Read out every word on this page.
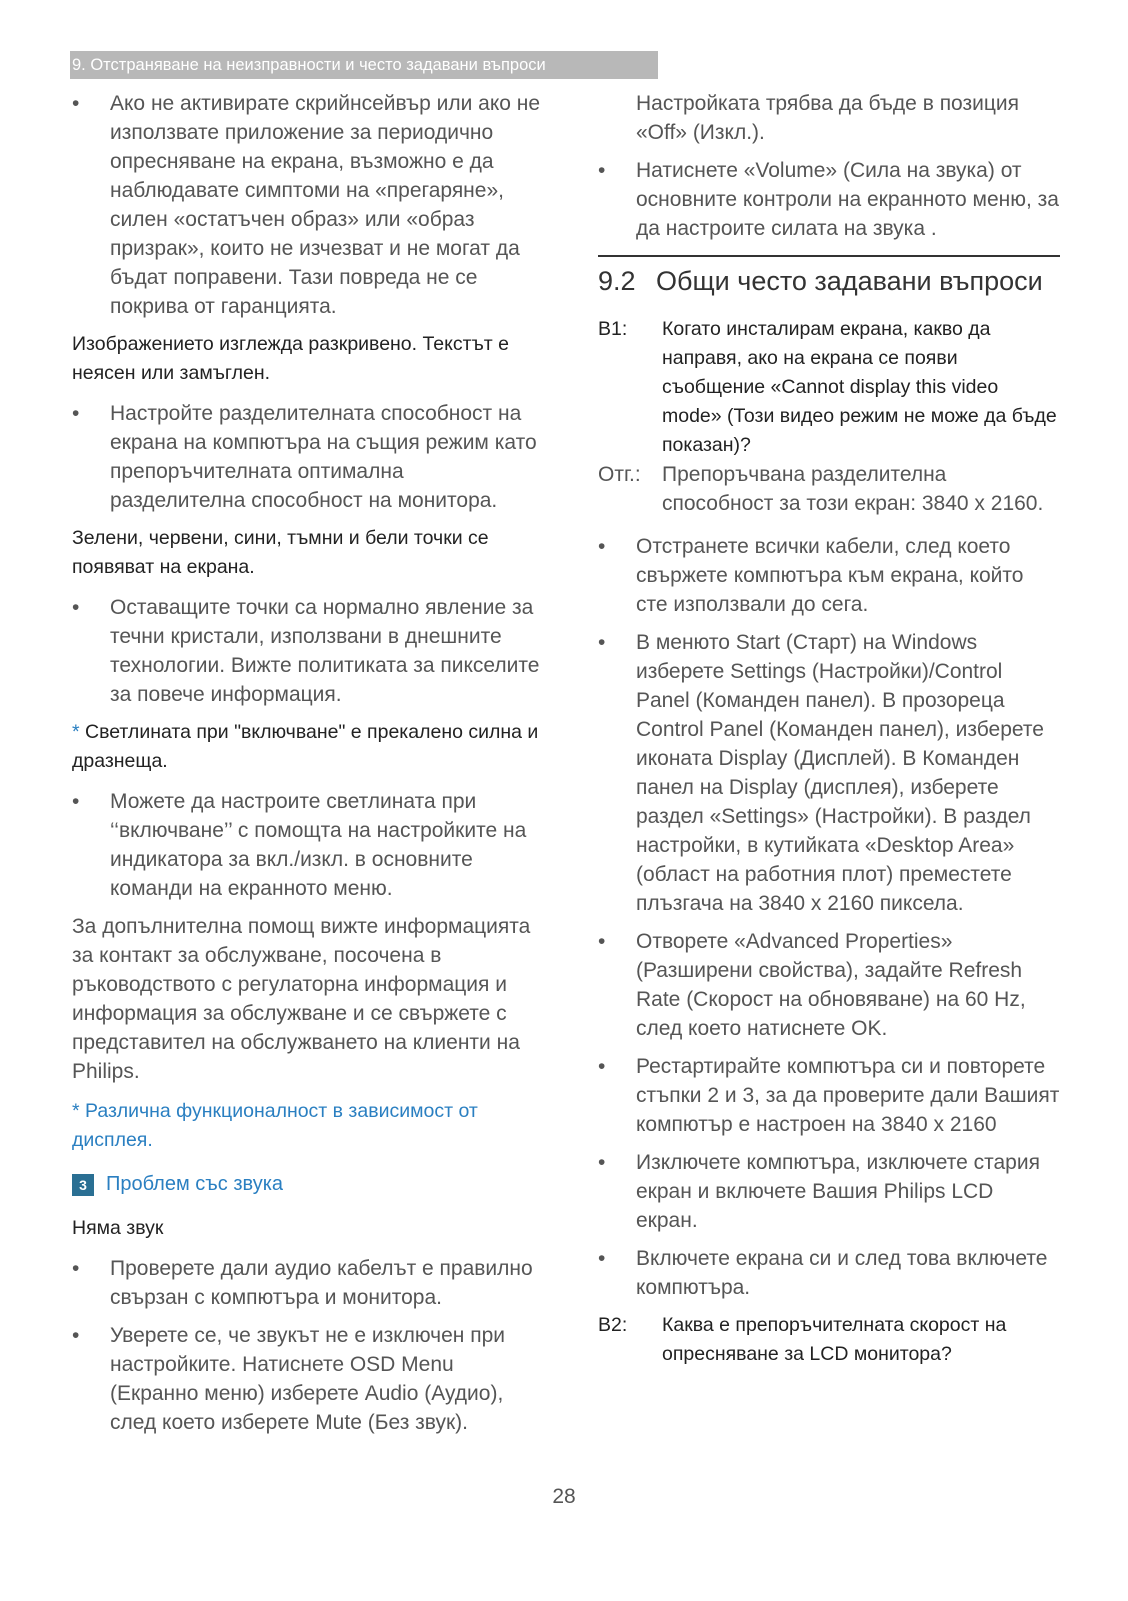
9. Отстраняване на неизправности и често задавани въпроси
• Ако не активирате скрийнсейвър или ако не използвате приложение за периодично опресняване на екрана, възможно е да наблюдавате симптоми на «прегаряне», силен «остатъчен образ» или «образ призрак», които не изчезват и не могат да бъдат поправени. Тази повреда не се покрива от гаранцията.
Изображението изглежда разкривено. Текстът е неясен или замъглен.
• Настройте разделителната способност на екрана на компютъра на същия режим като препоръчителната оптимална разделителна способност на монитора.
Зелени, червени, сини, тъмни и бели точки се появяват на екрана.
• Оставащите точки са нормално явление за течни кристали, използвани в днешните технологии. Вижте политиката за пикселите за повече информация.
* Светлината при "включване" е прекалено силна и дразнеща.
• Можете да настроите светлината при ‘‘включване’’ с помощта на настройките на индикатора за вкл./изкл. в основните команди на екранното меню.
За допълнителна помощ вижте информацията за контакт за обслужване, посочена в ръководството с регулаторна информация и информация за обслужване и се свържете с представител на обслужването на клиенти на Philips.
* Различна функционалност в зависимост от дисплея.
3 Проблем със звука
Няма звук
• Проверете дали аудио кабелът е правилно свързан с компютъра и монитора.
• Уверете се, че звукът не е изключен при настройките. Натиснете OSD Menu (Екранно меню) изберете Audio (Аудио), след което изберете Mute (Без звук).
Настройката трябва да бъде в позиция «Off» (Изкл.).
• Натиснете «Volume» (Сила на звука) от основните контроли на екранното меню, за да настроите силата на звука .
9.2 Общи често задавани въпроси
В1: Когато инсталирам екрана, какво да направя, ако на екрана се появи съобщение «Cannot display this video mode» (Този видео режим не може да бъде показан)?
Отг.: Препоръчвана разделителна способност за този екран: 3840 x 2160.
• Отстранете всички кабели, след което свържете компютъра към екрана, който сте използвали до сега.
• В менюто Start (Старт) на Windows изберете Settings (Настройки)/Control Panel (Команден панел). В прозореца Control Panel (Команден панел), изберете иконата Display (Дисплей). В Команден панел на Display (дисплея), изберете раздел «Settings» (Настройки). В раздел настройки, в кутийката «Desktop Area» (област на работния плот) преместете плъзгача на 3840 x 2160 пиксела.
• Отворете «Advanced Properties» (Разширени свойства), задайте Refresh Rate (Скорост на обновяване) на 60 Hz, след което натиснете OK.
• Рестартирайте компютъра си и повторете стъпки 2 и 3, за да проверите дали Вашият компютър е настроен на 3840 x 2160
• Изключете компютъра, изключете стария екран и включете Вашия Philips LCD екран.
• Включете екрана си и след това включете компютъра.
В2: Каква е препоръчителната скорост на опресняване за LCD монитора?
28
